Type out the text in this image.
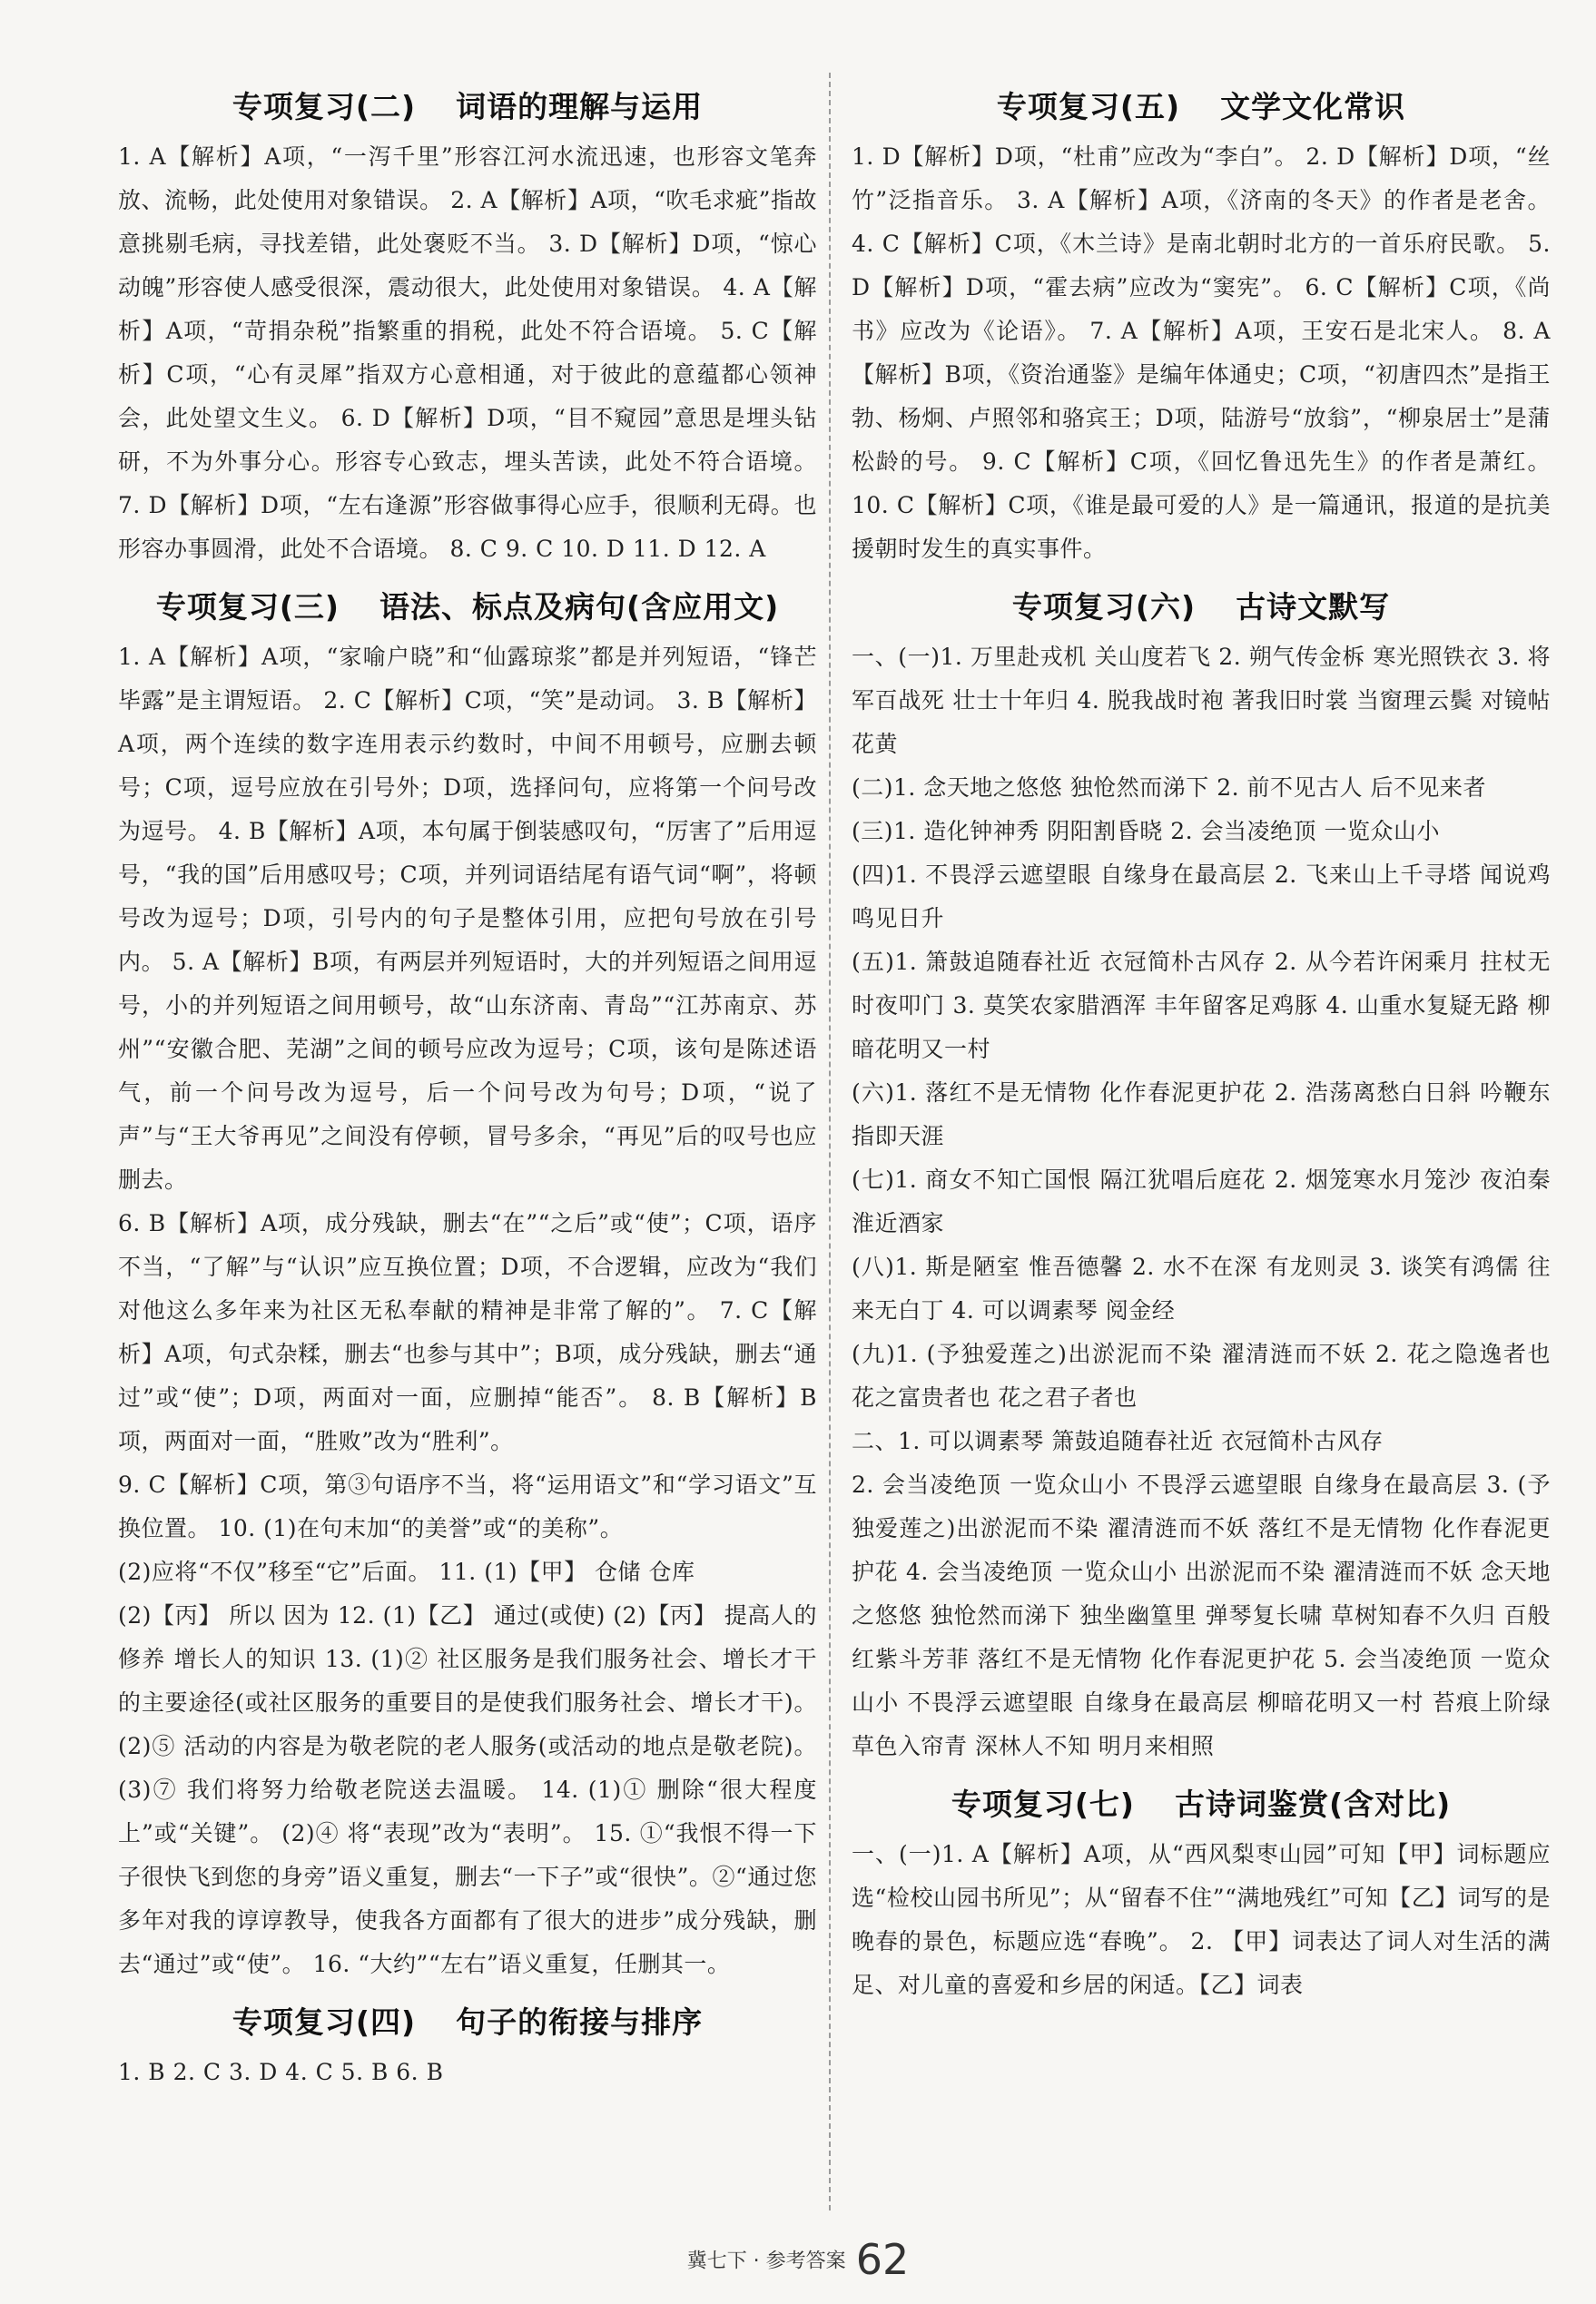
专项复习(二) 词语的理解与运用

1. A【解析】A项，“一泻千里”形容江河水流迅速，也形容文笔奔放、流畅，此处使用对象错误。 2. A【解析】A项，“吹毛求疵”指故意挑剔毛病，寻找差错，此处褒贬不当。 3. D【解析】D项，“惊心动魄”形容使人感受很深，震动很大，此处使用对象错误。 4. A【解析】A项，“苛捐杂税”指繁重的捐税，此处不符合语境。 5. C【解析】C项，“心有灵犀”指双方心意相通，对于彼此的意蕴都心领神会，此处望文生义。 6. D【解析】D项，“目不窥园”意思是埋头钻研，不为外事分心。形容专心致志，埋头苦读，此处不符合语境。 7. D【解析】D项，“左右逢源”形容做事得心应手，很顺利无碍。也形容办事圆滑，此处不合语境。 8. C 9. C 10. D 11. D 12. A

专项复习(三) 语法、标点及病句(含应用文)

1. A【解析】A项，“家喻户晓”和“仙露琼浆”都是并列短语，“锋芒毕露”是主谓短语。 2. C【解析】C项，“笑”是动词。 3. B【解析】A项，两个连续的数字连用表示约数时，中间不用顿号，应删去顿号；C项，逗号应放在引号外；D项，选择问句，应将第一个问号改为逗号。 4. B【解析】A项，本句属于倒装感叹句，“厉害了”后用逗号，“我的国”后用感叹号；C项，并列词语结尾有语气词“啊”，将顿号改为逗号；D项，引号内的句子是整体引用，应把句号放在引号内。 5. A【解析】B项，有两层并列短语时，大的并列短语之间用逗号，小的并列短语之间用顿号，故“山东济南、青岛”“江苏南京、苏州”“安徽合肥、芜湖”之间的顿号应改为逗号；C项，该句是陈述语气，前一个问号改为逗号，后一个问号改为句号；D项，“说了声”与“王大爷再见”之间没有停顿，冒号多余，“再见”后的叹号也应删去。

6. B【解析】A项，成分残缺，删去“在”“之后”或“使”；C项，语序不当，“了解”与“认识”应互换位置；D项，不合逻辑，应改为“我们对他这么多年来为社区无私奉献的精神是非常了解的”。 7. C【解析】A项，句式杂糅，删去“也参与其中”；B项，成分残缺，删去“通过”或“使”；D项，两面对一面，应删掉“能否”。 8. B【解析】B项，两面对一面，“胜败”改为“胜利”。

9. C【解析】C项，第③句语序不当，将“运用语文”和“学习语文”互换位置。 10. (1)在句末加“的美誉”或“的美称”。

(2)应将“不仅”移至“它”后面。 11. (1)【甲】 仓储 仓库

(2)【丙】 所以 因为 12. (1)【乙】 通过(或使) (2)【丙】 提高人的修养 增长人的知识 13. (1)② 社区服务是我们服务社会、增长才干的主要途径(或社区服务的重要目的是使我们服务社会、增长才干)。 (2)⑤ 活动的内容是为敬老院的老人服务(或活动的地点是敬老院)。 (3)⑦ 我们将努力给敬老院送去温暖。 14. (1)① 删除“很大程度上”或“关键”。 (2)④ 将“表现”改为“表明”。 15. ①“我恨不得一下子很快飞到您的身旁”语义重复，删去“一下子”或“很快”。②“通过您多年对我的谆谆教导，使我各方面都有了很大的进步”成分残缺，删去“通过”或“使”。 16. “大约”“左右”语义重复，任删其一。

专项复习(四) 句子的衔接与排序

1. B 2. C 3. D 4. C 5. B 6. B

专项复习(五) 文学文化常识

1. D【解析】D项，“杜甫”应改为“李白”。 2. D【解析】D项，“丝竹”泛指音乐。 3. A【解析】A项，《济南的冬天》的作者是老舍。 4. C【解析】C项，《木兰诗》是南北朝时北方的一首乐府民歌。 5. D【解析】D项，“霍去病”应改为“窦宪”。 6. C【解析】C项，《尚书》应改为《论语》。 7. A【解析】A项，王安石是北宋人。 8. A【解析】B项，《资治通鉴》是编年体通史；C项，“初唐四杰”是指王勃、杨炯、卢照邻和骆宾王；D项，陆游号“放翁”，“柳泉居士”是蒲松龄的号。 9. C【解析】C项，《回忆鲁迅先生》的作者是萧红。 10. C【解析】C项，《谁是最可爱的人》是一篇通讯，报道的是抗美援朝时发生的真实事件。

专项复习(六) 古诗文默写

一、(一)1. 万里赴戎机 关山度若飞 2. 朔气传金柝 寒光照铁衣 3. 将军百战死 壮士十年归 4. 脱我战时袍 著我旧时裳 当窗理云鬓 对镜帖花黄

(二)1. 念天地之悠悠 独怆然而涕下 2. 前不见古人 后不见来者

(三)1. 造化钟神秀 阴阳割昏晓 2. 会当凌绝顶 一览众山小

(四)1. 不畏浮云遮望眼 自缘身在最高层 2. 飞来山上千寻塔 闻说鸡鸣见日升

(五)1. 箫鼓追随春社近 衣冠简朴古风存 2. 从今若许闲乘月 拄杖无时夜叩门 3. 莫笑农家腊酒浑 丰年留客足鸡豚 4. 山重水复疑无路 柳暗花明又一村

(六)1. 落红不是无情物 化作春泥更护花 2. 浩荡离愁白日斜 吟鞭东指即天涯

(七)1. 商女不知亡国恨 隔江犹唱后庭花 2. 烟笼寒水月笼沙 夜泊秦淮近酒家

(八)1. 斯是陋室 惟吾德馨 2. 水不在深 有龙则灵 3. 谈笑有鸿儒 往来无白丁 4. 可以调素琴 阅金经

(九)1. (予独爱莲之)出淤泥而不染 濯清涟而不妖 2. 花之隐逸者也 花之富贵者也 花之君子者也

二、1. 可以调素琴 箫鼓追随春社近 衣冠简朴古风存

2. 会当凌绝顶 一览众山小 不畏浮云遮望眼 自缘身在最高层 3. (予独爱莲之)出淤泥而不染 濯清涟而不妖 落红不是无情物 化作春泥更护花 4. 会当凌绝顶 一览众山小 出淤泥而不染 濯清涟而不妖 念天地之悠悠 独怆然而涕下 独坐幽篁里 弹琴复长啸 草树知春不久归 百般红紫斗芳菲 落红不是无情物 化作春泥更护花 5. 会当凌绝顶 一览众山小 不畏浮云遮望眼 自缘身在最高层 柳暗花明又一村 苔痕上阶绿 草色入帘青 深林人不知 明月来相照

专项复习(七) 古诗词鉴赏(含对比)

一、(一)1. A【解析】A项，从“西风梨枣山园”可知【甲】词标题应选“检校山园书所见”；从“留春不住”“满地残红”可知【乙】词写的是晚春的景色，标题应选“春晚”。 2. 【甲】词表达了词人对生活的满足、对儿童的喜爱和乡居的闲适。【乙】词表

冀七下 · 参考答案 62
